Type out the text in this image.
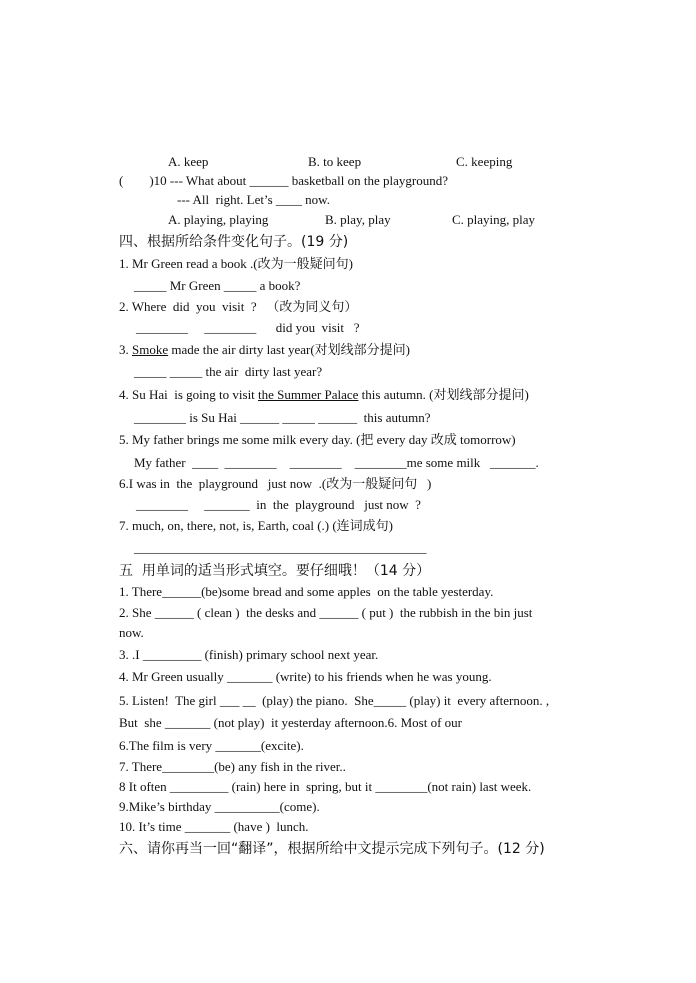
A. keep	B. to keep	C. keeping
(        )10 --- What about ______ basketball on the playground?
--- All  right. Let’s ____ now.
A. playing, playing	B. play, play	C. playing, play
四、根据所给条件变化句子。(19 分)
1. Mr Green read a book .(改为一般疑问句)
_____ Mr Green _____ a book?
2. Where  did  you  visit  ?   （改为同义句）
________     ________      did you  visit   ?
3. Smoke made the air dirty last year(对划线部分提问)
_____ _____ the air  dirty last year?
4. Su Hai  is going to visit the Summer Palace this autumn. (对划线部分提问)
________ is Su Hai ______ _____ ______  this autumn?
5. My father brings me some milk every day. (把 every day 改成 tomorrow)
My father  ____  ________    ________    ________me some milk   _______.
6.I was in  the  playground   just now  .(改为一般疑问句   )
________     _______  in  the  playground   just now  ?
7. much, on, there, not, is, Earth, coal (.) (连词成句)
_____________________________________________
五  用单词的适当形式填空。要仔细哦！（14 分）
1. There______(be)some bread and some apples  on the table yesterday.
2. She ______ ( clean )  the desks and ______ ( put )  the rubbish in the bin just
now.
3. .I _________ (finish) primary school next year.
4. Mr Green usually _______ (write) to his friends when he was young.
5. Listen!  The girl ___ __  (play) the piano.  She_____ (play) it  every afternoon. ,
But  she _______ (not play)  it yesterday afternoon.6. Most of our
6.The film is very _______(excite).
7. There________(be) any fish in the river..
8 It often _________ (rain) here in  spring, but it ________(not rain) last week.
9.Mike’s birthday __________(come).
10. It’s time _______ (have )  lunch.
六、请你再当一回“翻译”，根据所给中文提示完成下列句子。(12 分)
